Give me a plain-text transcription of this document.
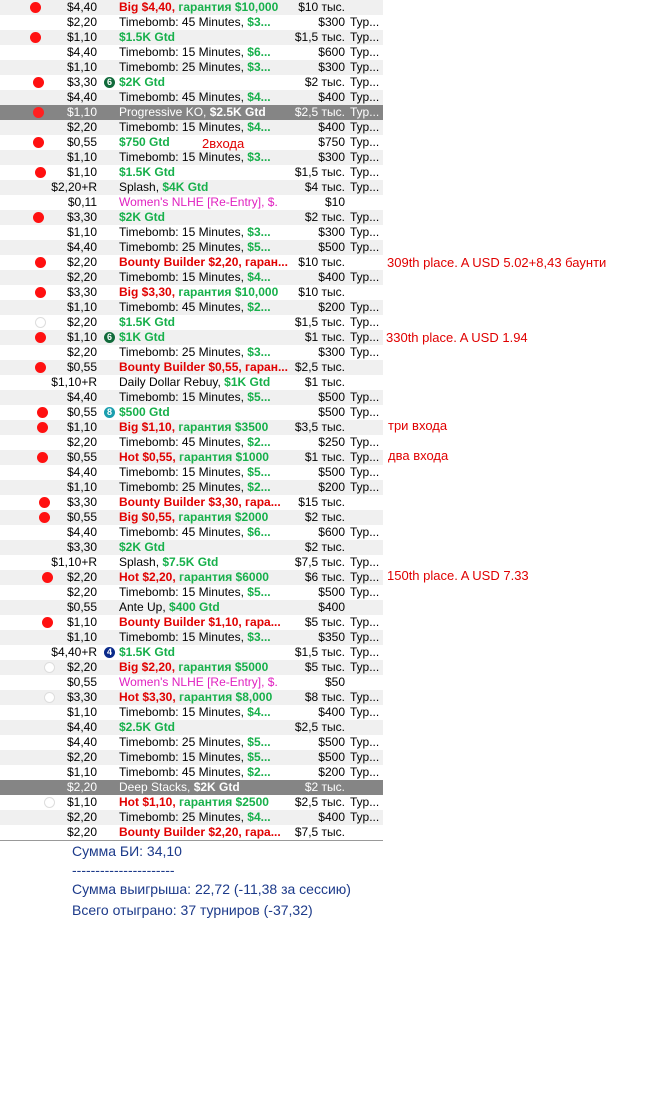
$4,40 Big $4,40, гарантия $10,000 $10 тыс.
$2,20 Timebomb: 45 Minutes, $3...	$300 Тур...
$1,10 $1.5K Gtd	$1,5 тыс. Тур...
$4,40 Timebomb: 15 Minutes, $6...	$600 Тур...
$1,10 Timebomb: 25 Minutes, $3...	$300 Тур...
$3,30	6 $2K Gtd	$2 тыс. Тур...
$4,40 Timebomb: 45 Minutes, $4...	$400 Тур...
$1,10 Progressive KO, $2.5K Gtd	$2,5 тыс. Тур...
$2,20 Timebomb: 15 Minutes, $4...	$400 Тур...
$0,55 $750 Gtd	$750 Тур...
$1,10 Timebomb: 15 Minutes, $3...	$300 Тур...
$1,10 $1.5K Gtd	$1,5 тыс. Тур...
$2,20+R Splash, $4K Gtd	$4 тыс. Тур...
$0,11 Women's NLHE [Re-Entry], $.	$10
$3,30 $2K Gtd	$2 тыс. Тур...
$1,10 Timebomb: 15 Minutes, $3...	$300 Тур...
$4,40 Timebomb: 25 Minutes, $5...	$500 Тур...
$2,20 Bounty Builder $2,20, гаран... $10 тыс.
$2,20 Timebomb: 15 Minutes, $4...	$400 Тур...
$3,30 Big $3,30, гарантия $10,000 $10 тыс.
$1,10 Timebomb: 45 Minutes, $2...	$200 Тур...
$2,20 $1.5K Gtd	$1,5 тыс. Тур...
$1,10	6 $1K Gtd	$1 тыс. Тур...
$2,20 Timebomb: 25 Minutes, $3...	$300 Тур...
$0,55 Bounty Builder $0,55, гаран... $2,5 тыс.
$1,10+R Daily Dollar Rebuy, $1K Gtd	$1 тыс.
$4,40 Timebomb: 15 Minutes, $5...	$500 Тур...
$0,55	8 $500 Gtd	$500 Тур...
$1,10 Big $1,10, гарантия $3500	$3,5 тыс.
$2,20 Timebomb: 45 Minutes, $2...	$250 Тур...
$0,55 Hot $0,55, гарантия $1000	$1 тыс. Тур...
$4,40 Timebomb: 15 Minutes, $5...	$500 Тур...
$1,10 Timebomb: 25 Minutes, $2...	$200 Тур...
$3,30 Bounty Builder $3,30, гара... $15 тыс.
$0,55 Big $0,55, гарантия $2000	$2 тыс.
$4,40 Timebomb: 45 Minutes, $6...	$600 Тур...
$3,30 $2K Gtd	$2 тыс.
$1,10+R Splash, $7.5K Gtd	$7,5 тыс. Тур...
$2,20 Hot $2,20, гарантия $6000	$6 тыс. Тур...
$2,20 Timebomb: 15 Minutes, $5...	$500 Тур...
$0,55 Ante Up, $400 Gtd	$400
$1,10 Bounty Builder $1,10, гара... $5 тыс. Тур...
$1,10 Timebomb: 15 Minutes, $3...	$350 Тур...
$4,40+R	4 $1.5K Gtd	$1,5 тыс. Тур...
$2,20 Big $2,20, гарантия $5000	$5 тыс. Тур...
$0,55 Women's NLHE [Re-Entry], $.	$50
$3,30 Hot $3,30, гарантия $8,000	$8 тыс. Тур...
$1,10 Timebomb: 15 Minutes, $4...	$400 Тур...
$4,40 $2.5K Gtd	$2,5 тыс.
$4,40 Timebomb: 25 Minutes, $5...	$500 Тур...
$2,20 Timebomb: 15 Minutes, $5...	$500 Тур...
$1,10 Timebomb: 45 Minutes, $2...	$200 Тур...
$2,20 Deep Stacks, $2K Gtd	$2 тыс.
$1,10 Hot $1,10, гарантия $2500	$2,5 тыс. Тур...
$2,20 Timebomb: 25 Minutes, $4...	$400 Тур...
$2,20 Bounty Builder $2,20, гара... $7,5 тыс.
2входа
309th place. A USD 5.02+8,43 баунти
330th place. A USD 1.94
три входа
два входа
150th place. A USD 7.33
Сумма БИ: 34,10
----------------------
Сумма выигрыша: 22,72 (-11,38 за сессию)
Всего отыграно: 37 турниров (-37,32)
